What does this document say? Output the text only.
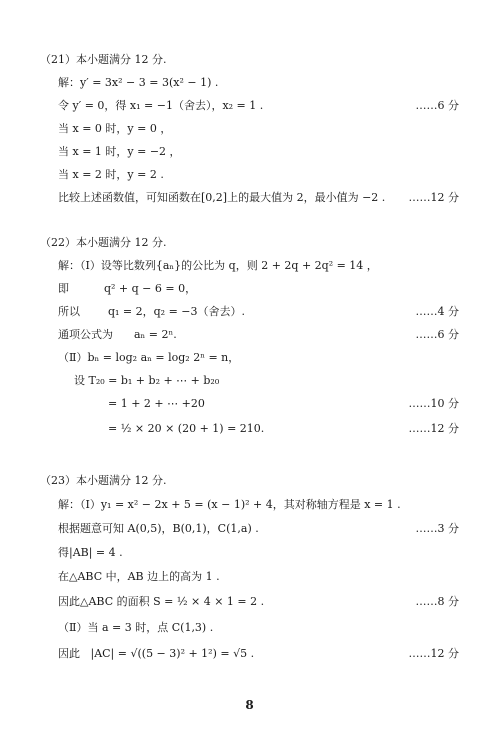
（21）本小题满分 12 分.
解：y′ = 3x² − 3 = 3(x² − 1) .
令 y′ = 0，得 x₁ = −1（舍去），x₂ = 1 .	……6 分
当 x = 0 时，y = 0 ，
当 x = 1 时，y = −2 ，
当 x = 2 时，y = 2 .
比较上述函数值，可知函数在[0,2]上的最大值为 2，最小值为 −2 . ……12 分
（22）本小题满分 12 分.
解：（Ⅰ）设等比数列{aₙ}的公比为 q，则 2 + 2q + 2q² = 14 ，
即          q² + q − 6 = 0，
所以        q₁ = 2，q₂ = −3（舍去）.	……4 分
通项公式为      aₙ = 2ⁿ.	……6 分
（Ⅱ）bₙ = log₂ aₙ = log₂ 2ⁿ = n，
设 T₂₀ = b₁ + b₂ + ⋯ + b₂₀
= 1 + 2 + ⋯ +20	……10 分
= ½ × 20 × (20 + 1) = 210.	……12 分
（23）本小题满分 12 分.
解：（Ⅰ）y₁ = x² − 2x + 5 = (x − 1)² + 4，其对称轴方程是 x = 1 .
根据题意可知 A(0,5)，B(0,1)，C(1,a) .	……3 分
得|AB| = 4 .
在△ABC 中，AB 边上的高为 1 .
因此△ABC 的面积 S = ½ × 4 × 1 = 2 .	……8 分
（Ⅱ）当 a = 3 时，点 C(1,3) .
因此   |AC| = √((5 − 3)² + 1²) = √5 .	……12 分
8
